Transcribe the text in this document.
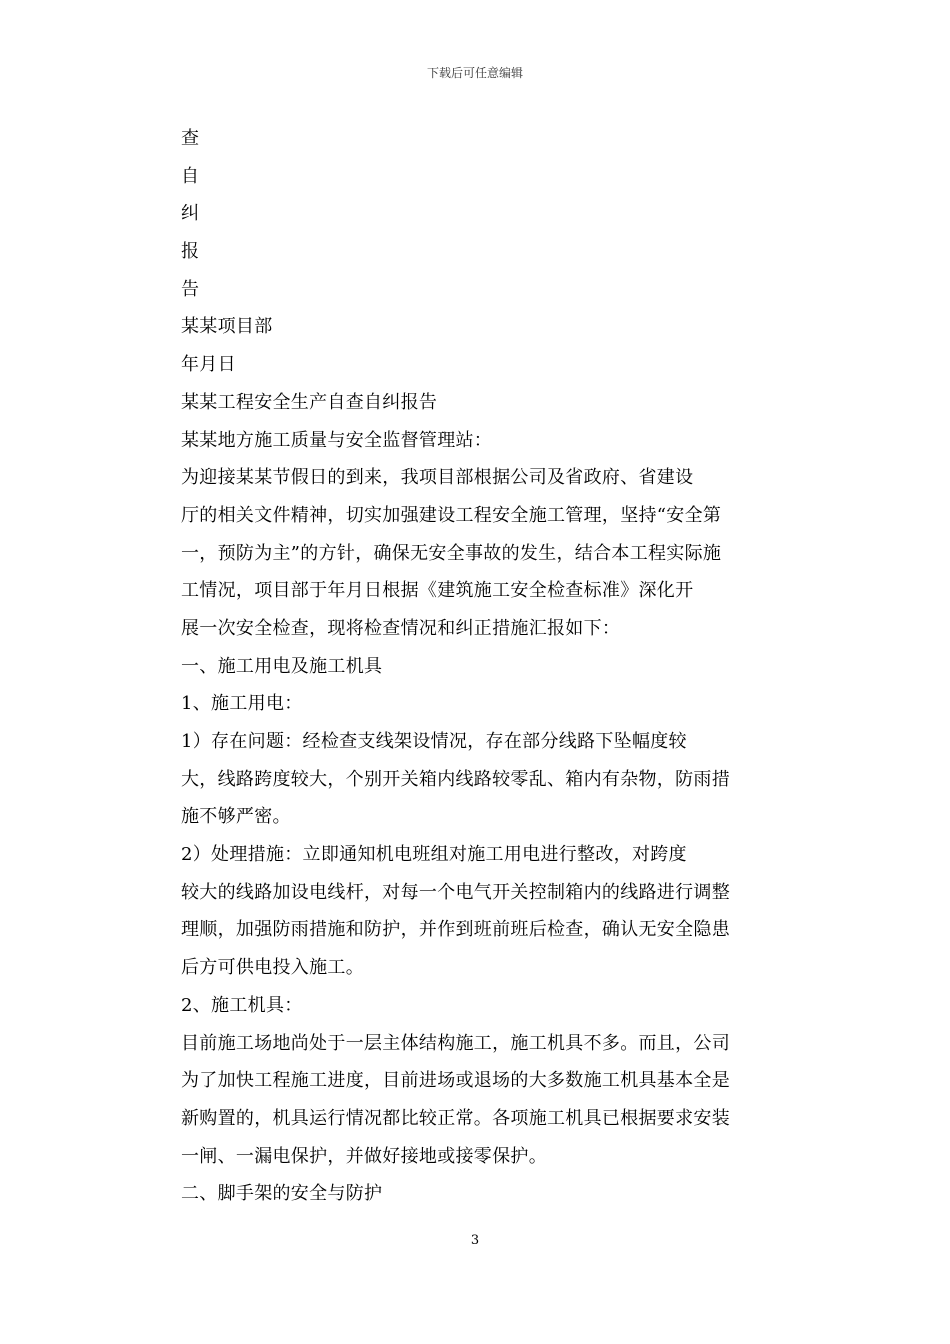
下载后可任意编辑
查
自
纠
报
告
某某项目部
年月日
某某工程安全生产自查自纠报告
某某地方施工质量与安全监督管理站：
为迎接某某节假日的到来，我项目部根据公司及省政府、省建设
厅的相关文件精神，切实加强建设工程安全施工管理，坚持“安全第
一，预防为主”的方针，确保无安全事故的发生，结合本工程实际施
工情况，项目部于年月日根据《建筑施工安全检查标准》深化开
展一次安全检查，现将检查情况和纠正措施汇报如下：
一、施工用电及施工机具
1、施工用电：
1）存在问题：经检查支线架设情况，存在部分线路下坠幅度较
大，线路跨度较大，个别开关箱内线路较零乱、箱内有杂物，防雨措
施不够严密。
2）处理措施：立即通知机电班组对施工用电进行整改，对跨度
较大的线路加设电线杆，对每一个电气开关控制箱内的线路进行调整
理顺，加强防雨措施和防护，并作到班前班后检查，确认无安全隐患
后方可供电投入施工。
2、施工机具：
目前施工场地尚处于一层主体结构施工，施工机具不多。而且，公司
为了加快工程施工进度，目前进场或退场的大多数施工机具基本全是
新购置的，机具运行情况都比较正常。各项施工机具已根据要求安装
一闸、一漏电保护，并做好接地或接零保护。
二、脚手架的安全与防护
3
